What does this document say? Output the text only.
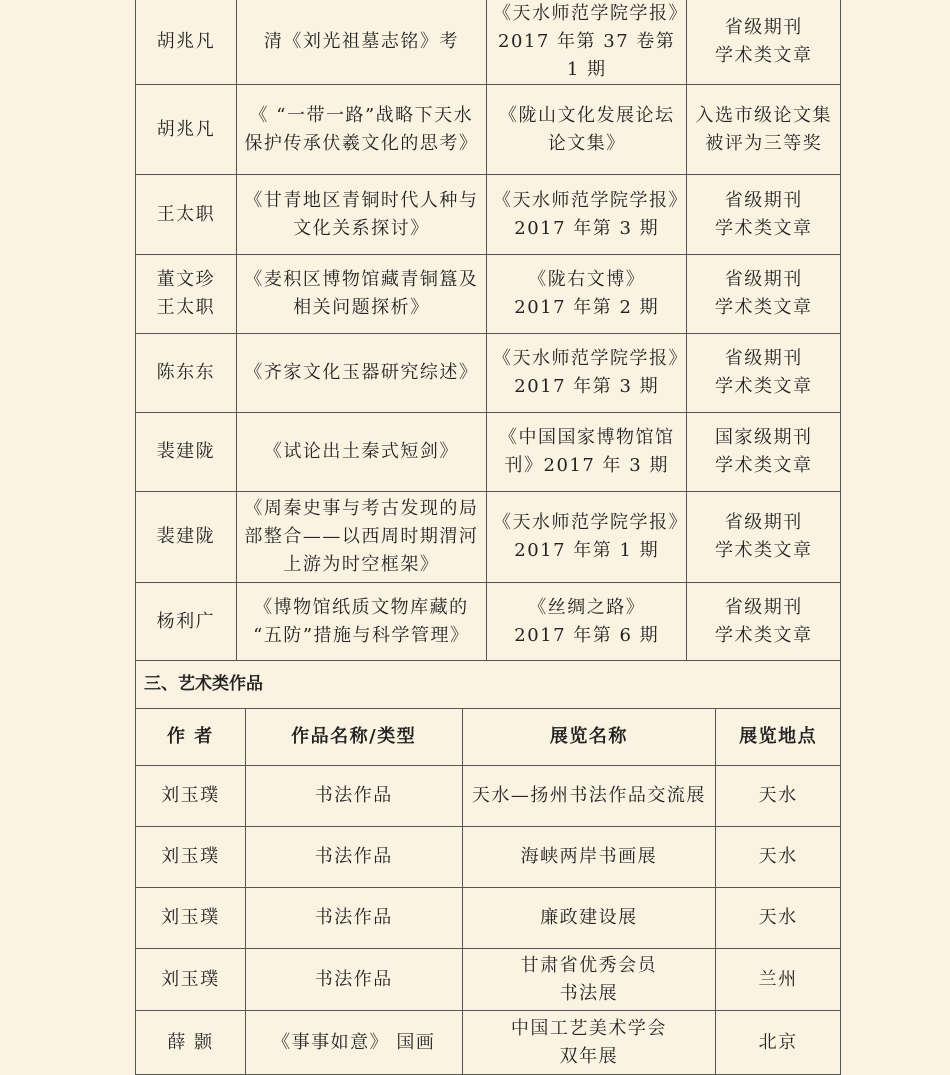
胡兆凡	清《刘光祖墓志铭》考	《天水师范学院学报》
2017 年第 37 卷第 1 期	省级期刊
学术类文章

胡兆凡	《 “一带一路”战略下天水
保护传承伏羲文化的思考》	《陇山文化发展论坛
论文集》	入选市级论文集
被评为三等奖

王太职	《甘青地区青铜时代人种与
文化关系探讨》	《天水师范学院学报》
2017 年第 3 期	省级期刊
学术类文章

董文珍
王太职	《麦积区博物馆藏青铜簋及
相关问题探析》	《陇右文博》
2017 年第 2 期	省级期刊
学术类文章

陈东东	《齐家文化玉器研究综述》	《天水师范学院学报》
2017 年第 3 期	省级期刊
学术类文章

裴建陇	《试论出土秦式短剑》	《中国国家博物馆馆
刊》2017 年 3 期	国家级期刊
学术类文章

裴建陇	《周秦史事与考古发现的局
部整合——以西周时期渭河
上游为时空框架》	《天水师范学院学报》
2017 年第 1 期	省级期刊
学术类文章

杨利广	《博物馆纸质文物库藏的
“五防”措施与科学管理》	《丝绸之路》
2017 年第 6 期	省级期刊
学术类文章
三、艺术类作品
作 者	作品名称/类型	展览名称	展览地点

刘玉璞	书法作品	天水—扬州书法作品交流展	天水

刘玉璞	书法作品	海峡两岸书画展	天水

刘玉璞	书法作品	廉政建设展	天水

刘玉璞	书法作品	甘肃省优秀会员
书法展	兰州

薛 颢	《事事如意》 国画	中国工艺美术学会
双年展	北京
